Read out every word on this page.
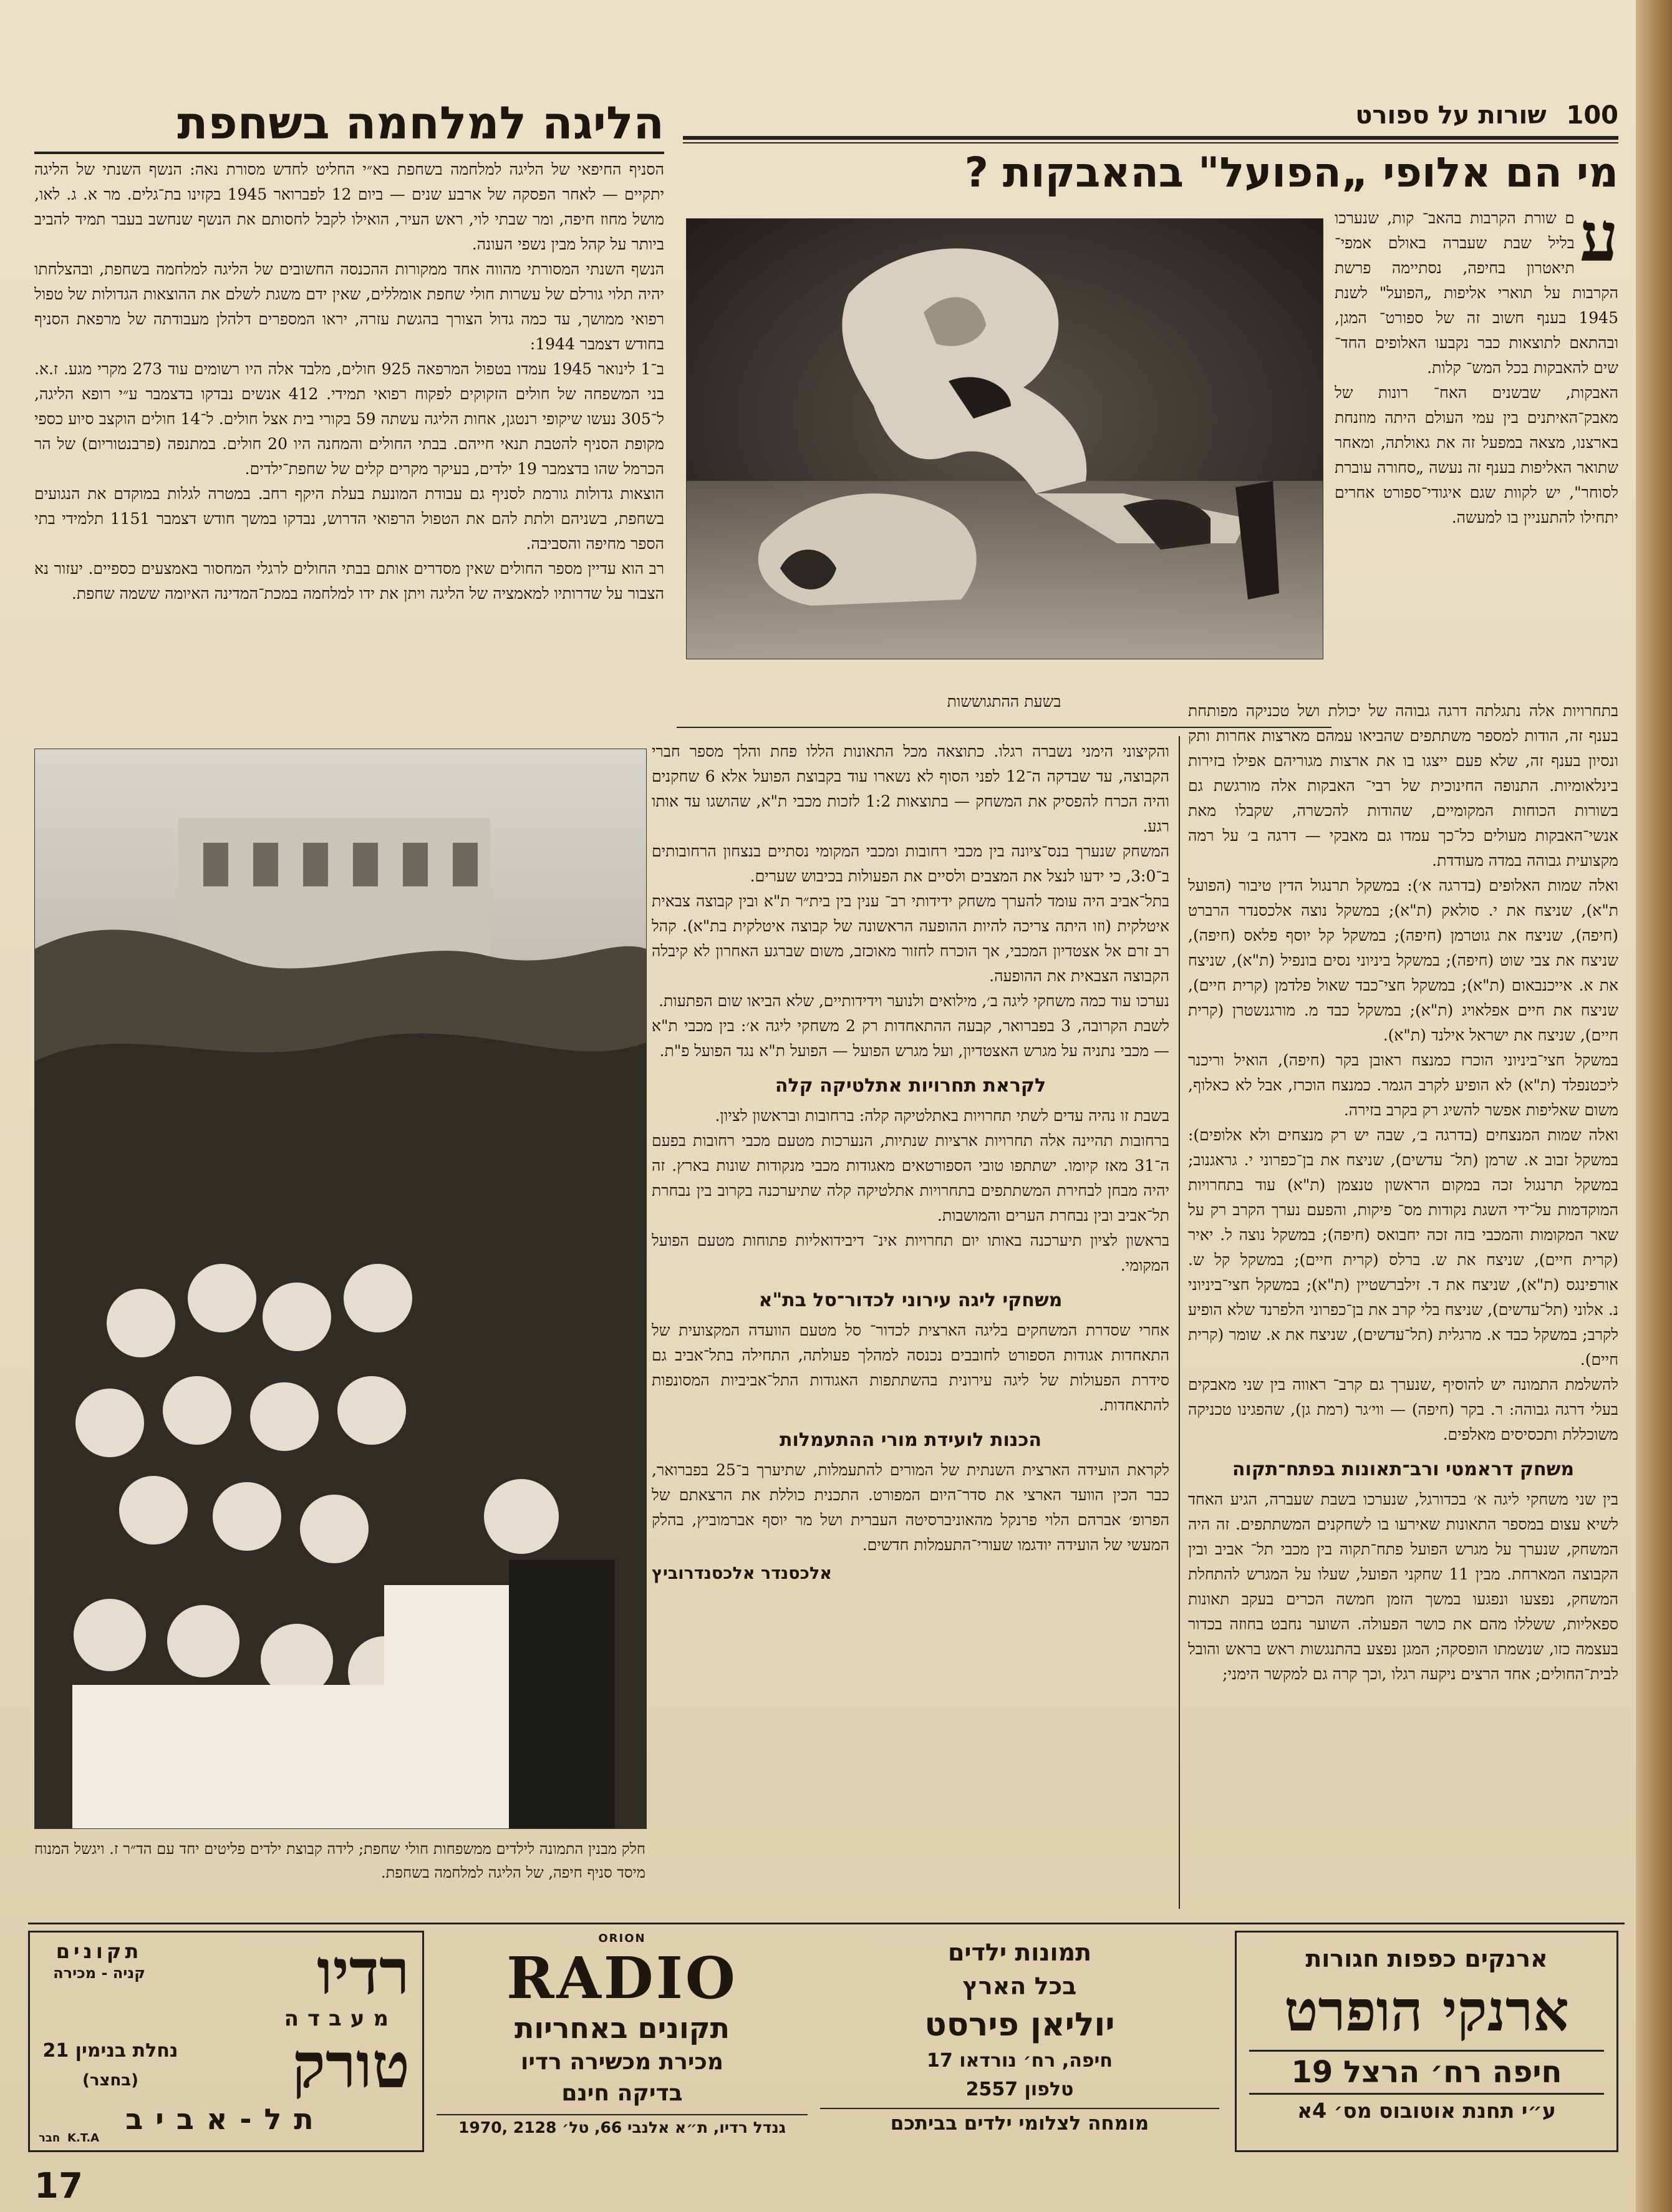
100 שורות על ספורט
מי הם אלופי „הפועל" בהאבקות ?
הליגה למלחמה בשחפת

ע
ם שורת הקרבות בהאב־ קות, שנערכו בליל שבת שעברה באולם אמפי־ תיאטרון בחיפה, נסתיימה פרשת הקרבות על תוארי אליפות „הפועל" לשנת 1945 בענף חשוב זה של ספורט־ המגן, ובהתאם לתוצאות כבר נקבעו האלופים החד־ שים להאבקות בכל המש־ קלות.

האבקות, שבשנים האח־ רונות של מאבק־האיתנים בין עמי העולם היתה מוזנחת בארצנו, מצאה במפעל זה את גאולתה, ומאחר שתואר האליפות בענף זה נעשה „סחורה עוברת לסוחר", יש לקוות שגם איגודי־ספורט אחרים יתחילו להתעניין בו למעשה.

בשעת ההתגוששות

בתחרויות אלה נתגלתה דרגה גבוהה של יכולת ושל טכניקה מפותחת בענף זה, הודות למספר משתתפים שהביאו עמהם מארצות אחרות ותק ונסיון בענף זה, שלא פעם ייצגו בו את ארצות מגוריהם אפילו בזירות בינלאומיות. התנופה החינוכית של רבי־ האבקות אלה מורגשת גם בשורות הכוחות המקומיים, שהודות להכשרה, שקבלו מאת אנשי־האבקות מעולים כל־כך עמדו גם מאבקי — דרגה ב׳ על רמה מקצועית גבוהה במדה מעודדת.

ואלה שמות האלופים (בדרגה א׳): במשקל תרנגול הדין טיבור (הפועל ת"א), שניצח את י. סולאק (ת"א); במשקל נוצה אלכסנדר הרברט (חיפה), שניצח את גוטרמן (חיפה); במשקל קל יוסף פלאס (חיפה), שניצח את צבי שוט (חיפה); במשקל ביניוני נסים בונפיל (ת"א), שניצח את א. אייכנבאום (ת"א); במשקל חצי־כבד שאול פלדמן (קרית חיים), שניצח את חיים אפלאויג (ת"א); במשקל כבד מ. מורגנשטרן (קרית חיים), שניצח את ישראל אילנד (ת"א).

במשקל חצי־ביניוני הוכרז כמנצח ראובן בקר (חיפה), הואיל וריכנר ליכטנפלד (ת"א) לא הופיע לקרב הגמר. כמנצח הוכרז, אבל לא כאלוף, משום שאליפות אפשר להשיג רק בקרב בזירה.

ואלה שמות המנצחים (בדרגה ב׳, שבה יש רק מנצחים ולא אלופים): במשקל זבוב א. שרמן (תל־ עדשים), שניצח את בן־כפרוני י. גראגנוב; במשקל תרנגול זכה במקום הראשון טנצמן (ת"א) עוד בתחרויות המוקדמות על־ידי השגת נקודות מס־ פיקות, והפעם נערך הקרב רק על שאר המקומות והמכבי בזה זכה יחבואס (חיפה); במשקל נוצה ל. יאיר (קרית חיים), שניצח את ש. ברלס (קרית חיים); במשקל קל ש. אורפינגס (ת"א), שניצח את ד. זילברשטיין (ת"א); במשקל חצי־ביניוני נ. אלוני (תל־עדשים), שניצח בלי קרב את בן־כפרוני הלפרנד שלא הופיע לקרב; במשקל כבד א. מרגלית (תל־עדשים), שניצח את א. שומר (קרית חיים).

להשלמת התמונה יש להוסיף ,שנערך גם קרב־ ראווה בין שני מאבקים בעלי דרגה גבוהה: ר. בקר (חיפה) — ווי׳גר (רמת גן), שהפגינו טכניקה משוכללת ותכסיסים מאלפים.

משחק דראמטי ורב־תאונות בפתח־תקוה

בין שני משחקי ליגה א׳ בכדורגל, שנערכו בשבת שעברה, הגיע האחד לשיא עצום במספר התאונות שאירעו בו לשחקנים המשתתפים. זה היה המשחק, שנערך על מגרש הפועל פתח־תקוה בין מכבי תל־ אביב ובין הקבוצה המארחת. מבין 11 שחקני הפועל, שעלו על המגרש להתחלת המשחק, נפצעו ונפגעו במשך הזמן חמשה הכרים בעקב תאונות ספאליות, ששללו מהם את כושר הפעולה. השוער נחבט בחוזה בכדור בעצמה כזו, שנשמתו הופסקה; המגן נפצע בהתנגשות ראש בראש והובל לבית־החולים; אחד הרצים ניקעה רגלו ,וכך קרה גם למקשר הימני;

והקיצוני הימני נשברה רגלו. כתוצאה מכל התאונות הללו פחת והלך מספר חברי הקבוצה, עד שבדקה ה־12 לפני הסוף לא נשארו עוד בקבוצת הפועל אלא 6 שחקנים והיה הכרח להפסיק את המשחק — בתוצאות 1:2 לזכות מכבי ת"א, שהושגו עד אותו רגע.

המשחק שנערך בנס־ציונה בין מכבי רחובות ומכבי המקומי נסתיים בנצחון הרחובותים ב־3:0, כי ידעו לנצל את המצבים ולסיים את הפעולות בכיבוש שערים.

בתל־אביב היה עומד להערך משחק ידידותי רב־ ענין בין בית״ר ת"א ובין קבוצה צבאית איטלקית (וזו היתה צריכה להיות ההופעה הראשונה של קבוצה איטלקית בת"א). קהל רב זרם אל אצטדיון המכבי, אך הוכרח לחזור מאוכזב, משום שברגע האחרון לא קיבלה הקבוצה הצבאית את ההופעה.

נערכו עוד כמה משחקי ליגה ב׳, מילואים ולנוער וידידותיים, שלא הביאו שום הפתעות.

לשבת הקרובה, 3 בפברואר, קבעה ההתאחדות רק 2 משחקי ליגה א׳: בין מכבי ת"א — מכבי נתניה על מגרש האצטדיון, ועל מגרש הפועל — הפועל ת"א נגד הפועל פ"ת.

לקראת תחרויות אתלטיקה קלה

בשבת זו נהיה עדים לשתי תחרויות באתלטיקה קלה: ברחובות ובראשון לציון.

ברחובות תהיינה אלה תחרויות ארציות שנתיות, הנערכות מטעם מכבי רחובות בפעם ה־31 מאז קיומו. ישתתפו טובי הספורטאים מאגודות מכבי מנקודות שונות בארץ. זה יהיה מבחן לבחירת המשתתפים בתחרויות אתלטיקה קלה שתיערכנה בקרוב בין נבחרת תל־אביב ובין נבחרת הערים והמושבות.

בראשון לציון תיערכנה באותו יום תחרויות אינ־ דיבידואליות פתוחות מטעם הפועל המקומי.

משחקי ליגה עירוני לכדור־סל בת"א

אחרי שסדרת המשחקים בליגה הארצית לכדור־ סל מטעם הוועדה המקצועית של התאחדות אגודות הספורט לחובבים נכנסה למהלך פעולתה, התחילה בתל־אביב גם סידרת הפעולות של ליגה עירונית בהשתתפות האגודות התל־אביביות המסונפות להתאחדות.

הכנות לועידת מורי ההתעמלות

לקראת הועידה הארצית השנתית של המורים להתעמלות, שתיערך ב־25 בפברואר, כבר הכין הוועד הארצי את סדר־היום המפורט. התכנית כוללת את הרצאתם של הפרופ׳ אברהם הלוי פרנקל מהאוניברסיטה העברית ושל מר יוסף אברמוביץ, בהלק המעשי של הועידה יודגמו שעורי־התעמלות חדשים.

אלכסנדר אלכסנדרוביץ

הסניף החיפאי של הליגה למלחמה בשחפת בא״י החליט לחדש מסורת נאה: הנשף השנתי של הליגה יתקיים — לאחר הפסקה של ארבע שנים — ביום 12 לפברואר 1945 בקזינו בת־גלים. מר א. ג. לאו, מושל מחוז חיפה, ומר שבתי לוי, ראש העיר, הואילו לקבל לחסותם את הנשף שנחשב בעבר תמיד להביב ביותר על קהל מבין נשפי העונה.

הנשף השנתי המסורתי מהווה אחד ממקורות ההכנסה החשובים של הליגה למלחמה בשחפת, ובהצלחתו יהיה תלוי גורלם של עשרות חולי שחפת אומללים, שאין ידם משגת לשלם את ההוצאות הגדולות של טפול רפואי ממושך, עד כמה גדול הצורך בהגשת עזרה, יראו המספרים דלהלן מעבודתה של מרפאת הסניף בחודש דצמבר 1944:

ב־1 לינואר 1945 עמדו בטפול המרפאה 925 חולים, מלבד אלה היו רשומים עוד 273 מקרי מגע. ז.א. בני המשפחה של חולים הזקוקים לפקוח רפואי תמידי. 412 אנשים נבדקו בדצמבר ע״י רופא הליגה, ל־305 נעשו שיקופי רנטגן, אחות הליגה עשתה 59 בקורי בית אצל חולים. ל־14 חולים הוקצב סיוע כספי מקופת הסניף להטבת תנאי חייהם. בבתי החולים והמחנה היו 20 חולים. במתנפה (פרבנטוריום) של הר הכרמל שהו בדצמבר 19 ילדים, בעיקר מקרים קלים של שחפת־ילדים.

הוצאות גדולות גורמת לסניף גם עבודת המונעת בעלת היקף רחב. במטרה לגלות במוקדם את הנגועים בשחפת, בשניהם ולתת להם את הטפול הרפואי הדרוש, נבדקו במשך חודש דצמבר 1151 תלמידי בתי הספר מחיפה והסביבה.

רב הוא עדיין מספר החולים שאין מסדרים אותם בבתי החולים לרגלי המחסור באמצעים כספיים. יעזור נא הצבור על שדרותיו למאמציה של הליגה ויתן את ידו למלחמה במכת־המדינה האיומה ששמה שחפת.

חלק מבנין התמונה לילדים ממשפחות חולי שחפת; לידה קבוצת ילדים פליטים יחד עם הד״ר ז. ויגשל המנוח מיסד סניף חיפה, של הליגה למלחמה בשחפת.
ארנקים כפפות חגורות
ארנקי הופרט
חיפה רח׳ הרצל 19
ע״י תחנת אוטובוס מס׳ 4א
תמונות ילדים
בכל הארץ
יוליאן פירסט
חיפה, רח׳ נורדאו 17
טלפון 2557
מומחה לצלומי ילדים בביתכם
ORION
RADIO
תקונים באחריות
מכירת מכשירה רדיו
בדיקה חינם
גנדל רדיו, ת״א אלנבי 66, טל׳ 2128 ,1970
תקונים
קניה - מכירה	רדיו
מעבדה
טורק
נחלת בנימין 21
(בחצר)
תל-אביב
חבר K.T.A
17
